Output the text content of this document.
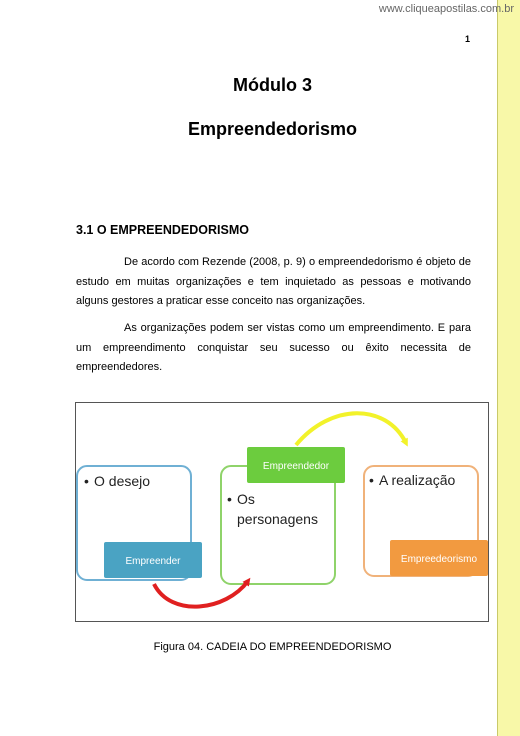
www.cliqueapostilas.com.br
1
Módulo 3
Empreendedorismo
3.1 O EMPREENDEDORISMO

De acordo com Rezende (2008, p. 9) o empreendedorismo é objeto de estudo em muitas organizações e tem inquietado as pessoas e motivando alguns gestores a praticar esse conceito nas organizações.

As organizações podem ser vistas como um empreendimento. E para um empreendimento conquistar seu sucesso ou êxito necessita de empreendedores.

• O desejo
Empreender
Empreendedor
• Os
personagens
• A realização
Empreedeorismo
Figura 04. CADEIA DO EMPREENDEDORISMO
